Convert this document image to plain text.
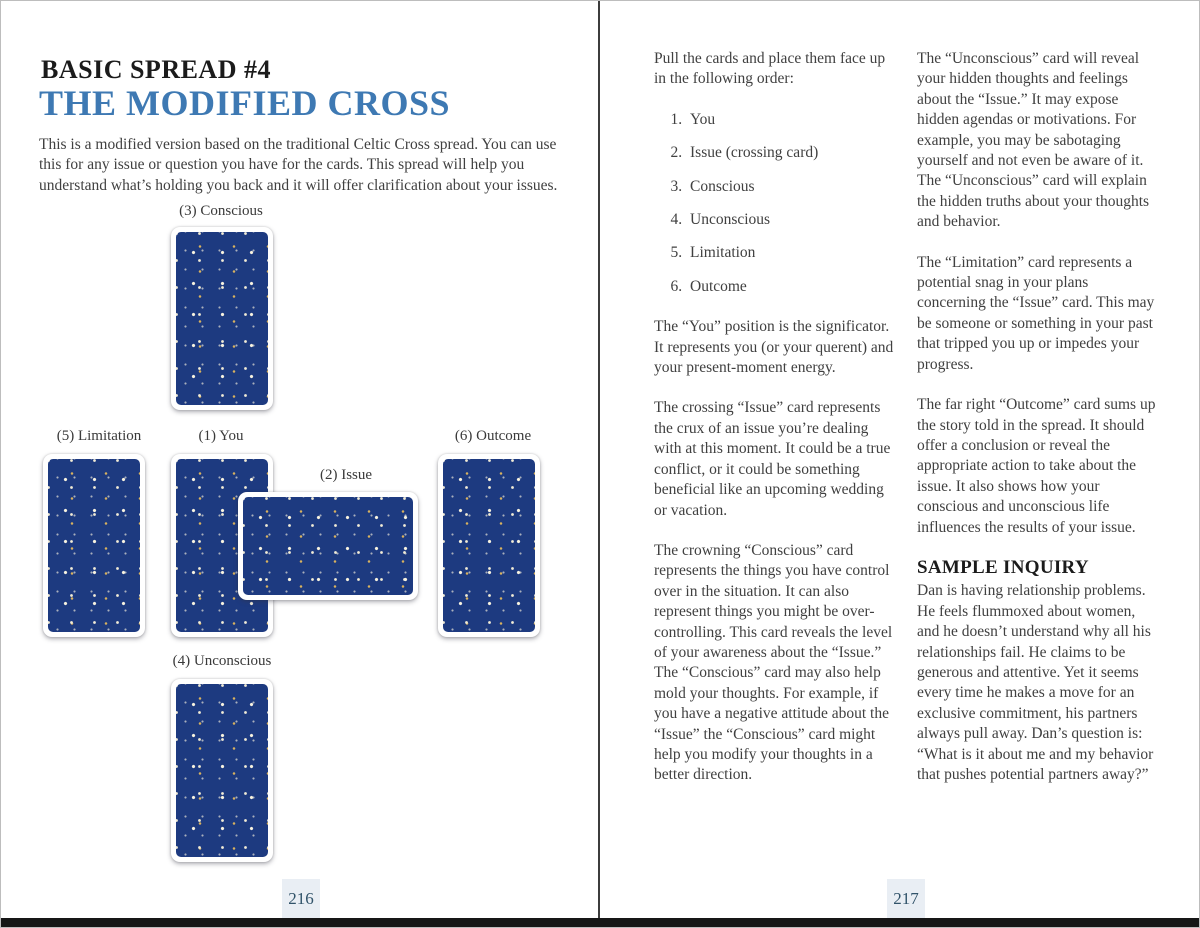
BASIC SPREAD #4
THE MODIFIED CROSS
This is a modified version based on the traditional Celtic Cross spread. You can use this for any issue or question you have for the cards. This spread will help you understand what’s holding you back and it will offer clarification about your issues.
(3) Conscious
(5) Limitation	(1) You
(2) Issue
(6) Outcome
(4) Unconscious
216

Pull the cards and place them face up in the following order:

1. You
2. Issue (crossing card)
3. Conscious
4. Unconscious
5. Limitation
6. Outcome

The “You” position is the significator. It represents you (or your querent) and your present-moment energy.

The crossing “Issue” card represents the crux of an issue you’re dealing with at this moment. It could be a true conflict, or it could be something beneficial like an upcoming wedding or vacation.

The crowning “Conscious” card represents the things you have control over in the situation. It can also represent things you might be over-controlling. This card reveals the level of your awareness about the “Issue.” The “Conscious” card may also help mold your thoughts. For example, if you have a negative attitude about the “Issue” the “Conscious” card might help you modify your thoughts in a better direction.

The “Unconscious” card will reveal your hidden thoughts and feelings about the “Issue.” It may expose hidden agendas or motivations. For example, you may be sabotaging yourself and not even be aware of it. The “Unconscious” card will explain the hidden truths about your thoughts and behavior.

The “Limitation” card represents a potential snag in your plans concerning the “Issue” card. This may be someone or something in your past that tripped you up or impedes your progress.

The far right “Outcome” card sums up the story told in the spread. It should offer a conclusion or reveal the appropriate action to take about the issue. It also shows how your conscious and unconscious life influences the results of your issue.

SAMPLE INQUIRY

Dan is having relationship problems. He feels flummoxed about women, and he doesn’t understand why all his relationships fail. He claims to be generous and attentive. Yet it seems every time he makes a move for an exclusive commitment, his partners always pull away. Dan’s question is: “What is it about me and my behavior that pushes potential partners away?”

217
